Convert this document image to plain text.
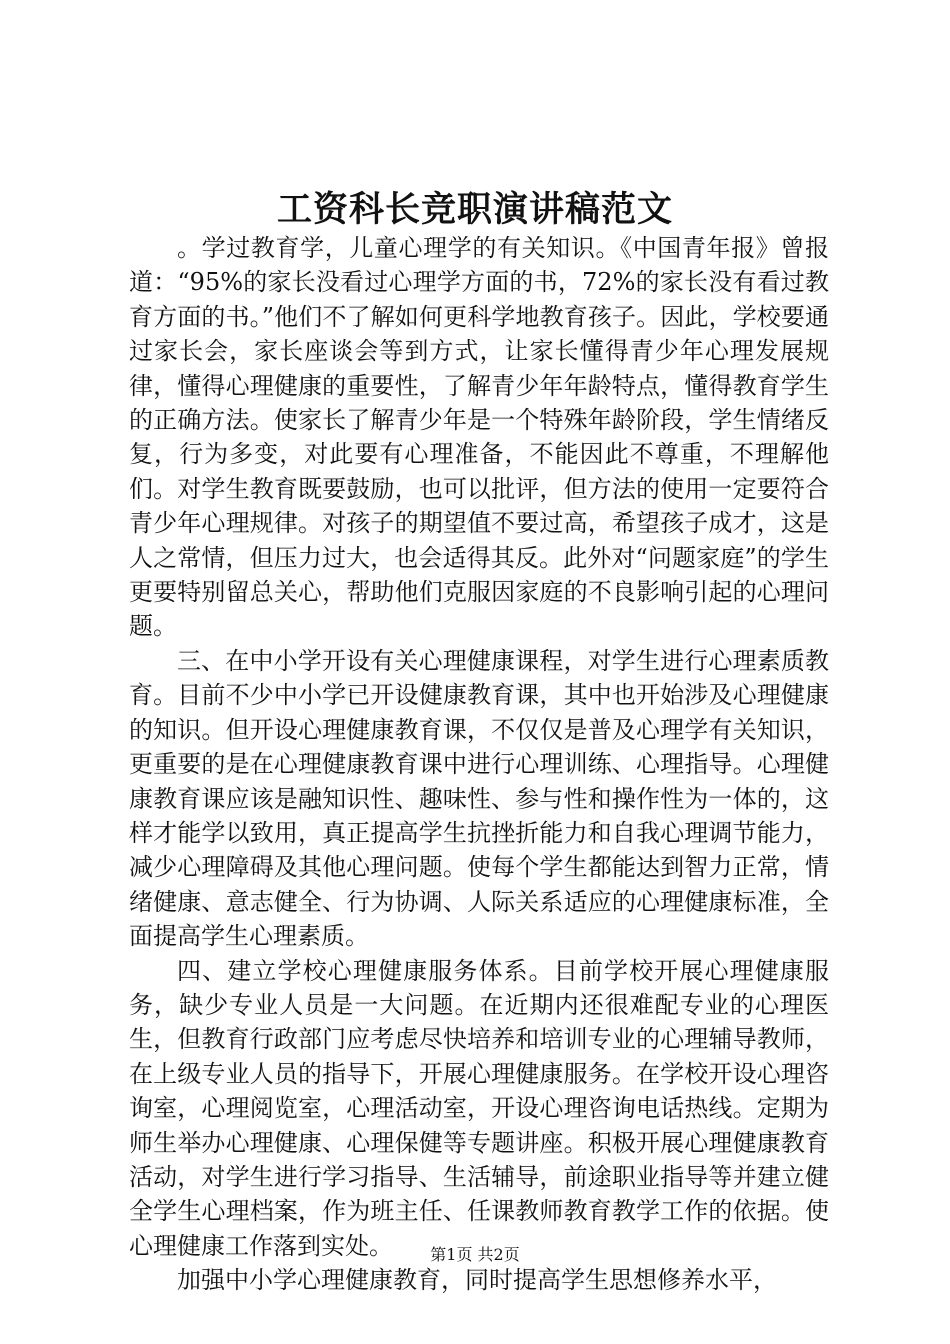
工资科长竞职演讲稿范文

。学过教育学，儿童心理学的有关知识。《中国青年报》曾报道：“95%的家长没看过心理学方面的书，72%的家长没有看过教育方面的书。”他们不了解如何更科学地教育孩子。因此，学校要通过家长会，家长座谈会等到方式，让家长懂得青少年心理发展规律，懂得心理健康的重要性，了解青少年年龄特点，懂得教育学生的正确方法。使家长了解青少年是一个特殊年龄阶段，学生情绪反复，行为多变，对此要有心理准备，不能因此不尊重，不理解他们。对学生教育既要鼓励，也可以批评，但方法的使用一定要符合青少年心理规律。对孩子的期望值不要过高，希望孩子成才，这是人之常情，但压力过大，也会适得其反。此外对“问题家庭”的学生更要特别留总关心，帮助他们克服因家庭的不良影响引起的心理问题。

三、在中小学开设有关心理健康课程，对学生进行心理素质教育。目前不少中小学已开设健康教育课，其中也开始涉及心理健康的知识。但开设心理健康教育课，不仅仅是普及心理学有关知识，更重要的是在心理健康教育课中进行心理训练、心理指导。心理健康教育课应该是融知识性、趣味性、参与性和操作性为一体的，这样才能学以致用，真正提高学生抗挫折能力和自我心理调节能力，减少心理障碍及其他心理问题。使每个学生都能达到智力正常，情绪健康、意志健全、行为协调、人际关系适应的心理健康标准，全面提高学生心理素质。

四、建立学校心理健康服务体系。目前学校开展心理健康服务，缺少专业人员是一大问题。在近期内还很难配专业的心理医生，但教育行政部门应考虑尽快培养和培训专业的心理辅导教师，在上级专业人员的指导下，开展心理健康服务。在学校开设心理咨询室，心理阅览室，心理活动室，开设心理咨询电话热线。定期为师生举办心理健康、心理保健等专题讲座。积极开展心理健康教育活动，对学生进行学习指导、生活辅导，前途职业指导等并建立健全学生心理档案，作为班主任、任课教师教育教学工作的依据。使心理健康工作落到实处。

加强中小学心理健康教育，同时提高学生思想修养水平，

第1页 共2页
